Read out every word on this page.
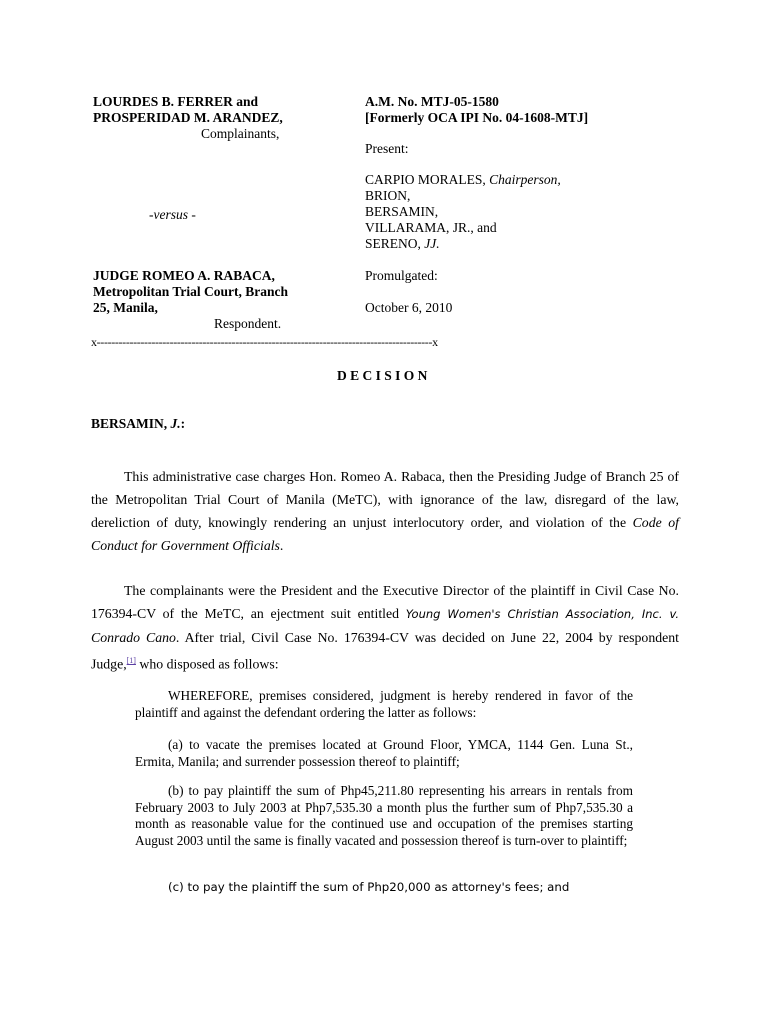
LOURDES B. FERRER and
PROSPERIDAD M. ARANDEZ,
Complainants,
-versus -
JUDGE ROMEO A. RABACA,
Metropolitan Trial Court, Branch
25, Manila,
Respondent.
A.M. No. MTJ-05-1580
[Formerly OCA IPI No. 04-1608-MTJ]
Present:
CARPIO MORALES, Chairperson,
BRION,
BERSAMIN,
VILLARAMA, JR., and
SERENO, JJ.
Promulgated:
October 6, 2010
x--------------------------------------------------------------------------------------------x
D E C I S I O N
BERSAMIN, J.:
This administrative case charges Hon. Romeo A. Rabaca, then the Presiding Judge of Branch 25 of the Metropolitan Trial Court of Manila (MeTC), with ignorance of the law, disregard of the law, dereliction of duty, knowingly rendering an unjust interlocutory order, and violation of the Code of Conduct for Government Officials.
The complainants were the President and the Executive Director of the plaintiff in Civil Case No. 176394-CV of the MeTC, an ejectment suit entitled Young Women's Christian Association, Inc. v. Conrado Cano. After trial, Civil Case No. 176394-CV was decided on June 22, 2004 by respondent Judge,[1] who disposed as follows:
WHEREFORE, premises considered, judgment is hereby rendered in favor of the plaintiff and against the defendant ordering the latter as follows:
(a) to vacate the premises located at Ground Floor, YMCA, 1144 Gen. Luna St., Ermita, Manila; and surrender possession thereof to plaintiff;
(b) to pay plaintiff the sum of Php45,211.80 representing his arrears in rentals from February 2003 to July 2003 at Php7,535.30 a month plus the further sum of Php7,535.30 a month as reasonable value for the continued use and occupation of the premises starting August 2003 until the same is finally vacated and possession thereof is turn-over to plaintiff;
(c) to pay the plaintiff the sum of Php20,000 as attorney's fees; and
